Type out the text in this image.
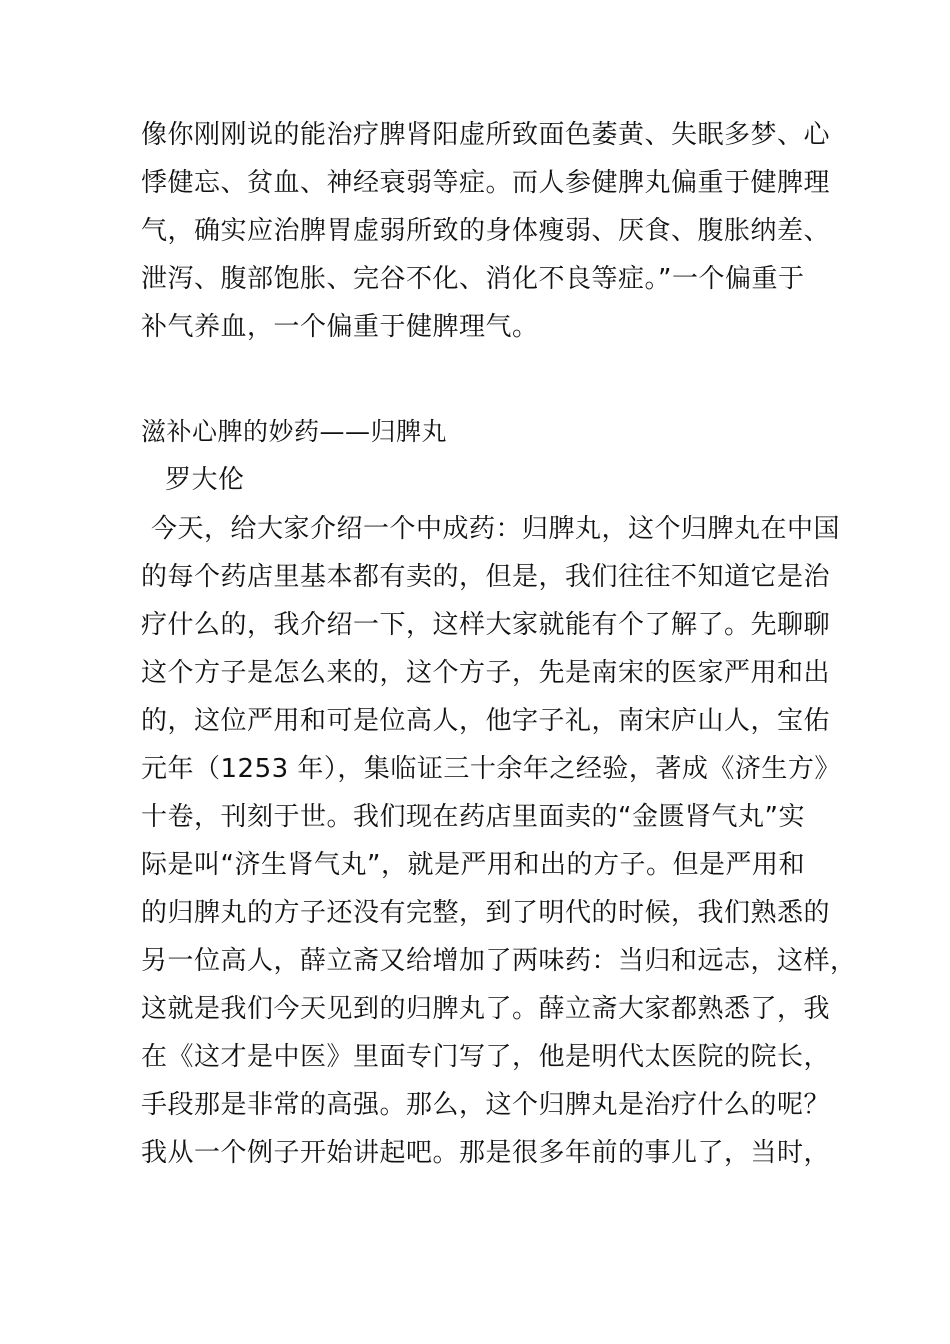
像你刚刚说的能治疗脾肾阳虚所致面色萎黄、失眠多梦、心
悸健忘、贫血、神经衰弱等症。而人参健脾丸偏重于健脾理
气，确实应治脾胃虚弱所致的身体瘦弱、厌食、腹胀纳差、
泄泻、腹部饱胀、完谷不化、消化不良等症。”一个偏重于
补气养血，一个偏重于健脾理气。
滋补心脾的妙药——归脾丸
罗大伦
今天，给大家介绍一个中成药：归脾丸，这个归脾丸在中国
的每个药店里基本都有卖的，但是，我们往往不知道它是治
疗什么的，我介绍一下，这样大家就能有个了解了。先聊聊
这个方子是怎么来的，这个方子，先是南宋的医家严用和出
的，这位严用和可是位高人，他字子礼，南宋庐山人，宝佑
元年（1253 年），集临证三十余年之经验，著成《济生方》
十卷，刊刻于世。我们现在药店里面卖的“金匮肾气丸”实
际是叫“济生肾气丸”，就是严用和出的方子。但是严用和
的归脾丸的方子还没有完整，到了明代的时候，我们熟悉的
另一位高人，薛立斋又给增加了两味药：当归和远志，这样，
这就是我们今天见到的归脾丸了。薛立斋大家都熟悉了，我
在《这才是中医》里面专门写了，他是明代太医院的院长，
手段那是非常的高强。那么，这个归脾丸是治疗什么的呢？
我从一个例子开始讲起吧。那是很多年前的事儿了，当时，
